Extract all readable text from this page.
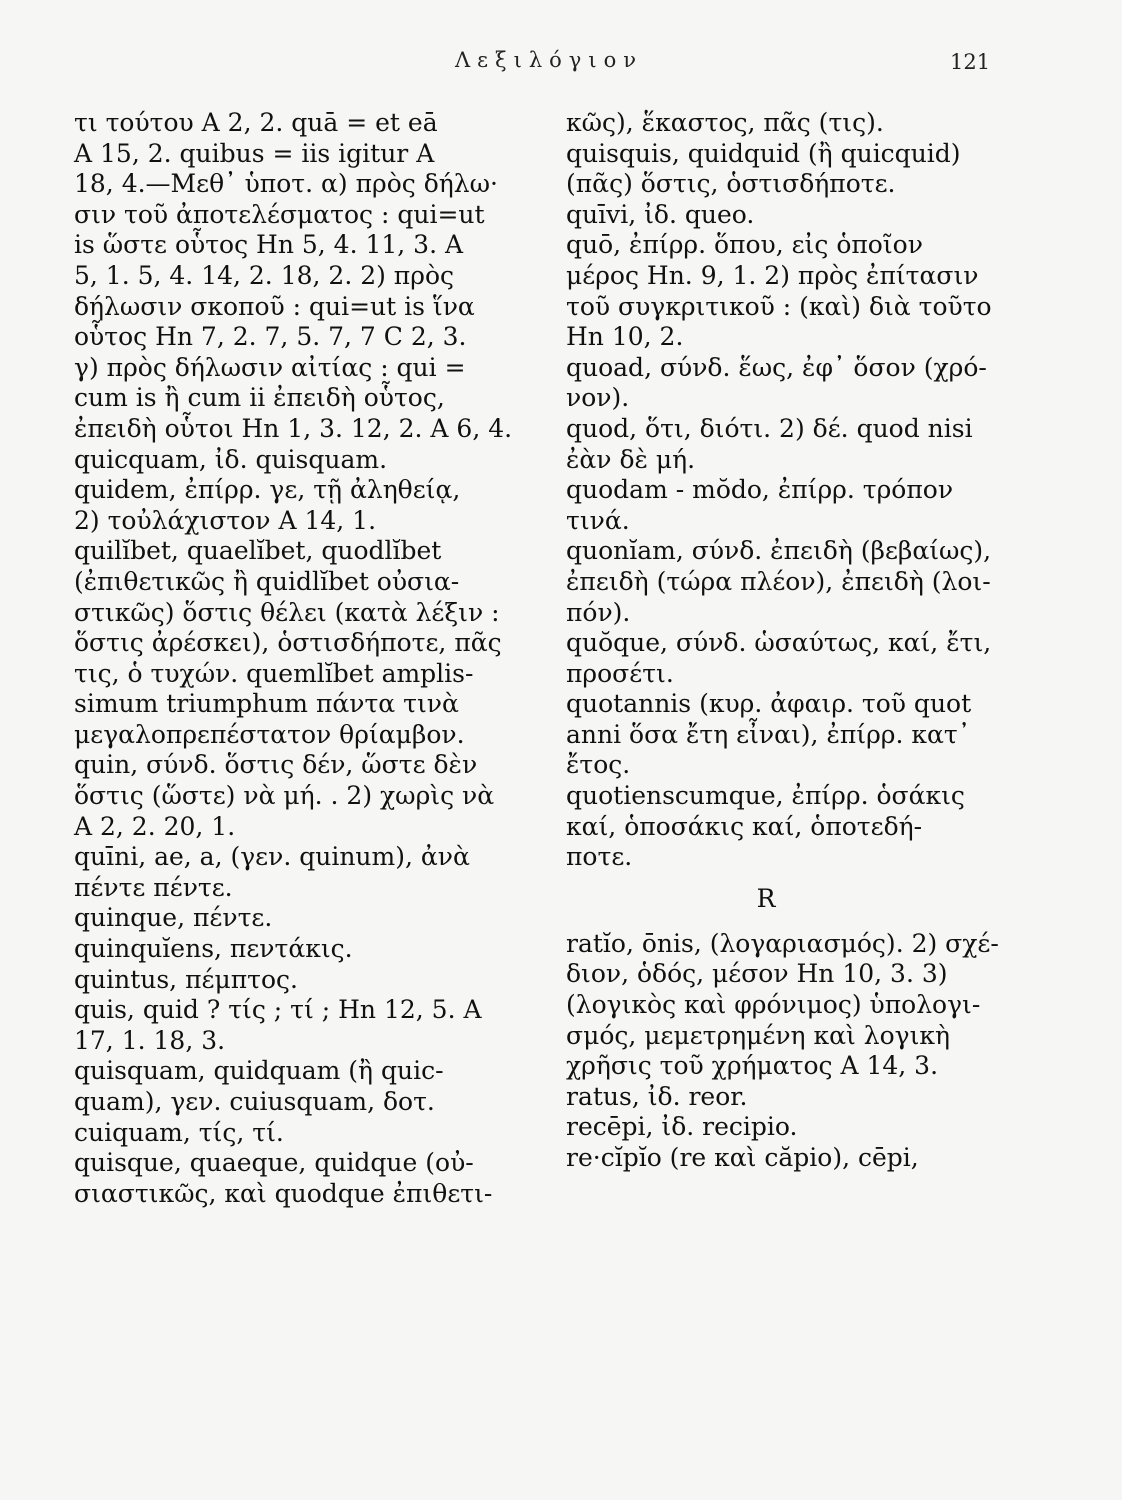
Λεξιλόγιον	121
τι τούτου A 2, 2. quā = et eā
A 15, 2. quibus = iis igitur A
18, 4.—Μεθ᾽ ὑποτ. α) πρὸς δήλω·
σιν τοῦ ἀποτελέσματος : qui=ut
is ὥστε οὗτος Hn 5, 4. 11, 3. A
5, 1. 5, 4. 14, 2. 18, 2. 2) πρὸς
δήλωσιν σκοποῦ : qui=ut is ἵνα
οὗτος Hn 7, 2. 7, 5. 7, 7 C 2, 3.
γ) πρὸς δήλωσιν αἰτίας : qui =
cum is ἢ cum ii ἐπειδὴ οὗτος,
ἐπειδὴ οὗτοι Hn 1, 3. 12, 2. A 6, 4.
quicquam, ἰδ. quisquam.
quidem, ἐπίρρ. γε, τῇ ἀληθείᾳ,
2) τοὐλάχιστον A 14, 1.
quilĭbet, quaelĭbet, quodlĭbet
(ἐπιθετικῶς ἢ quidlĭbet οὐσια-
στικῶς) ὅστις θέλει (κατὰ λέξιν :
ὅστις ἀρέσκει), ὁστισδήποτε, πᾶς
τις, ὁ τυχών. quemlĭbet amplis-
simum triumphum πάντα τινὰ
μεγαλοπρεπέστατον θρίαμβον.
quin, σύνδ. ὅστις δέν, ὥστε δὲν
ὅστις (ὥστε) νὰ μή. . 2) χωρὶς νὰ
A 2, 2. 20, 1.
quīni, ae, a, (γεν. quinum), ἀνὰ
πέντε πέντε.
quinque, πέντε.
quinquĭens, πεντάκις.
quintus, πέμπτος.
quis, quid ? τίς ; τί ; Hn 12, 5. A
17, 1. 18, 3.
quisquam, quidquam (ἢ quic-
quam), γεν. cuiusquam, δοτ.
cuiquam, τίς, τί.
quisque, quaeque, quidque (οὐ-
σιαστικῶς, καὶ quodque ἐπιθετι-
κῶς), ἕκαστος, πᾶς (τις).
quisquis, quidquid (ἢ quicquid)
(πᾶς) ὅστις, ὁστισδήποτε.
quīvi, ἰδ. queo.
quō, ἐπίρρ. ὅπου, εἰς ὁποῖον
μέρος Hn. 9, 1. 2) πρὸς ἐπίτασιν
τοῦ συγκριτικοῦ : (καὶ) διὰ τοῦτο
Hn 10, 2.
quoad, σύνδ. ἕως, ἐφ᾽ ὅσον (χρό-
νον).
quod, ὅτι, διότι. 2) δέ. quod nisi
ἐὰν δὲ μή.
quodam - mŏdo, ἐπίρρ. τρόπον
τινά.
quonĭam, σύνδ. ἐπειδὴ (βεβαίως),
ἐπειδὴ (τώρα πλέον), ἐπειδὴ (λοι-
πόν).
quŏque, σύνδ. ὡσαύτως, καί, ἔτι,
προσέτι.
quotannis (κυρ. ἀφαιρ. τοῦ quot
anni ὅσα ἔτη εἶναι), ἐπίρρ. κατ᾽
ἔτος.
quotienscumque, ἐπίρρ. ὁσάκις
καί, ὁποσάκις καί, ὁποτεδή-
ποτε.
R
ratĭo, ōnis, (λογαριασμός). 2) σχέ-
διον, ὁδός, μέσον Hn 10, 3. 3)
(λογικὸς καὶ φρόνιμος) ὑπολογι-
σμός, μεμετρημένη καὶ λογικὴ
χρῆσις τοῦ χρήματος A 14, 3.
ratus, ἰδ. reor.
recēpi, ἰδ. recipio.
re·cĭpĭo (re καὶ căpio), cēpi,
